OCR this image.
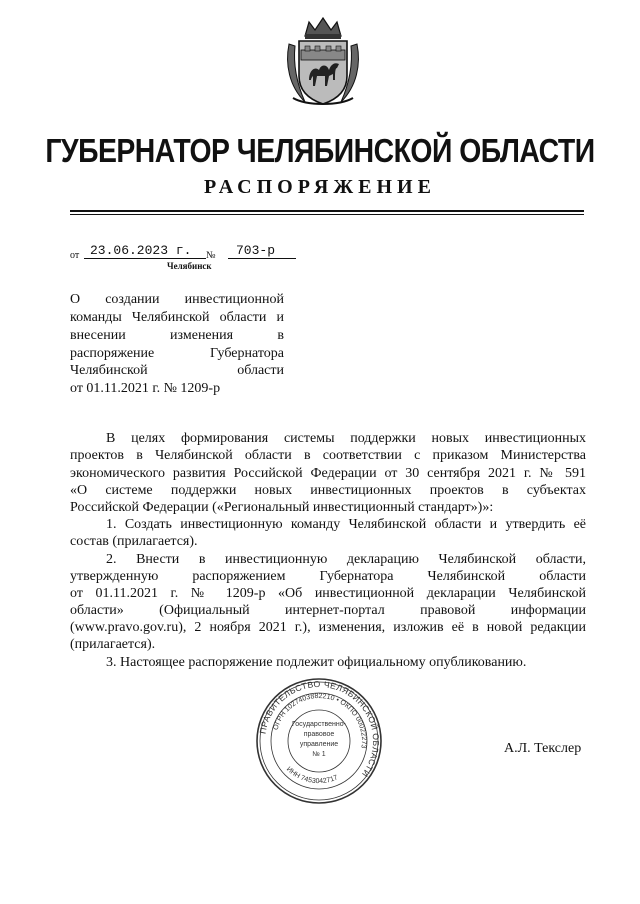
ГУБЕРНАТОР ЧЕЛЯБИНСКОЙ ОБЛАСТИ
РАСПОРЯЖЕНИЕ
от 23.06.2023 г. № 703-р
Челябинск
О создании инвестиционной
команды Челябинской области и
внесении изменения в
распоряжение Губернатора
Челябинской области
от 01.11.2021 г. № 1209-р
В целях формирования системы поддержки новых инвестиционных
проектов в Челябинской области в соответствии с приказом Министерства
экономического развития Российской Федерации от 30 сентября 2021 г. № 591
«О системе поддержки новых инвестиционных проектов в субъектах
Российской Федерации («Региональный инвестиционный стандарт»)»:
1. Создать инвестиционную команду Челябинской области и утвердить её
состав (прилагается).
2. Внести в инвестиционную декларацию Челябинской области,
утвержденную распоряжением Губернатора Челябинской области
от 01.11.2021 г. № 1209-р «Об инвестиционной декларации Челябинской
области» (Официальный интернет-портал правовой информации
(www.pravo.gov.ru), 2 ноября 2021 г.), изменения, изложив её в новой редакции
(прилагается).
3. Настоящее распоряжение подлежит официальному опубликованию.
ПРАВИТЕЛЬСТВО ЧЕЛЯБИНСКОЙ ОБЛАСТИ
ОГРН 1027403882210 • ОКПО 00022273
ИНН 7453042717
Государственно-
правовое
управление
№ 1	А.Л. Текслер
